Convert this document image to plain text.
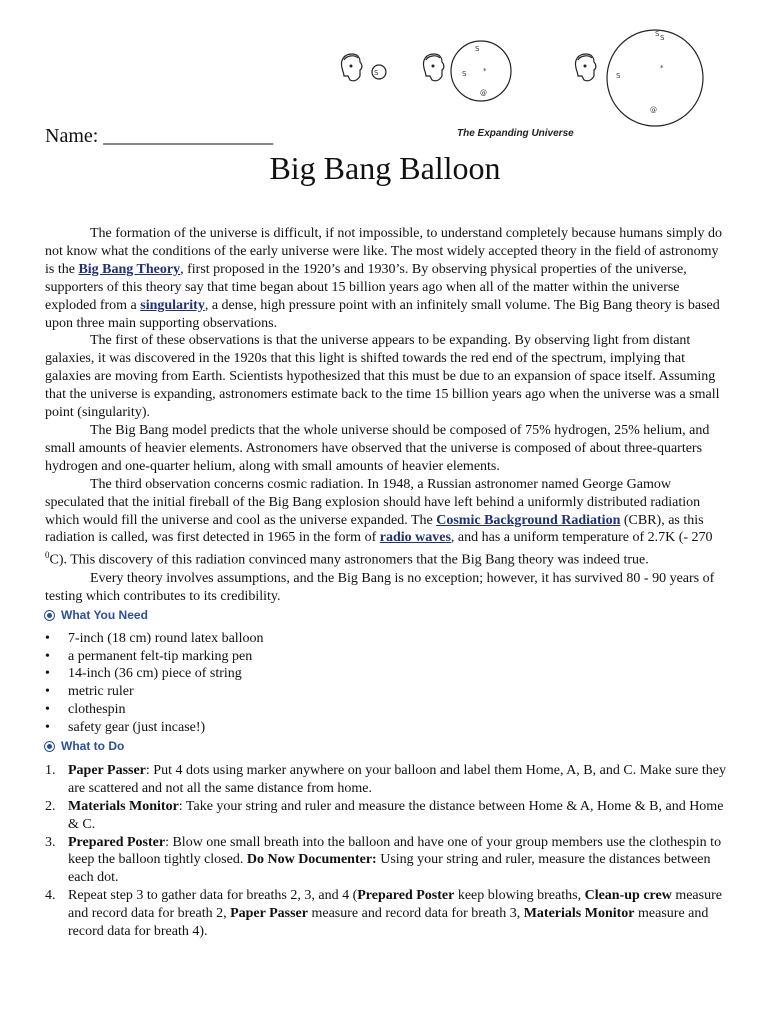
S
S
S *
@
S
S
*
@
S
The Expanding Universe
Name: _________________
Big Bang Balloon

The formation of the universe is difficult, if not impossible, to understand completely because humans simply do not know what the conditions of the early universe were like. The most widely accepted theory in the field of astronomy is the Big Bang Theory, first proposed in the 1920’s and 1930’s. By observing physical properties of the universe, supporters of this theory say that time began about 15 billion years ago when all of the matter within the universe exploded from a singularity, a dense, high pressure point with an infinitely small volume. The Big Bang theory is based upon three main supporting observations.

The first of these observations is that the universe appears to be expanding. By observing light from distant galaxies, it was discovered in the 1920s that this light is shifted towards the red end of the spectrum, implying that galaxies are moving from Earth. Scientists hypothesized that this must be due to an expansion of space itself. Assuming that the universe is expanding, astronomers estimate back to the time 15 billion years ago when the universe was a small point (singularity).

The Big Bang model predicts that the whole universe should be composed of 75% hydrogen, 25% helium, and small amounts of heavier elements. Astronomers have observed that the universe is composed of about three-quarters hydrogen and one-quarter helium, along with small amounts of heavier elements.

The third observation concerns cosmic radiation. In 1948, a Russian astronomer named George Gamow speculated that the initial fireball of the Big Bang explosion should have left behind a uniformly distributed radiation which would fill the universe and cool as the universe expanded. The Cosmic Background Radiation (CBR), as this radiation is called, was first detected in 1965 in the form of radio waves, and has a uniform temperature of 2.7K (- 270 $^0$C). This discovery of this radiation convinced many astronomers that the Big Bang theory was indeed true.

Every theory involves assumptions, and the Big Bang is no exception; however, it has survived 80 - 90 years of testing which contributes to its credibility.

What You Need
• 7-inch (18 cm) round latex balloon
• a permanent felt-tip marking pen
• 14-inch (36 cm) piece of string
• metric ruler
• clothespin
• safety gear (just incase!)
What to Do
1. Paper Passer: Put 4 dots using marker anywhere on your balloon and label them Home, A, B, and C. Make sure they are scattered and not all the same distance from home.
2. Materials Monitor: Take your string and ruler and measure the distance between Home & A, Home & B, and Home & C.
3. Prepared Poster: Blow one small breath into the balloon and have one of your group members use the clothespin to keep the balloon tightly closed. Do Now Documenter: Using your string and ruler, measure the distances between each dot.
4. Repeat step 3 to gather data for breaths 2, 3, and 4 (Prepared Poster keep blowing breaths, Clean-up crew measure and record data for breath 2, Paper Passer measure and record data for breath 3, Materials Monitor measure and record data for breath 4).
